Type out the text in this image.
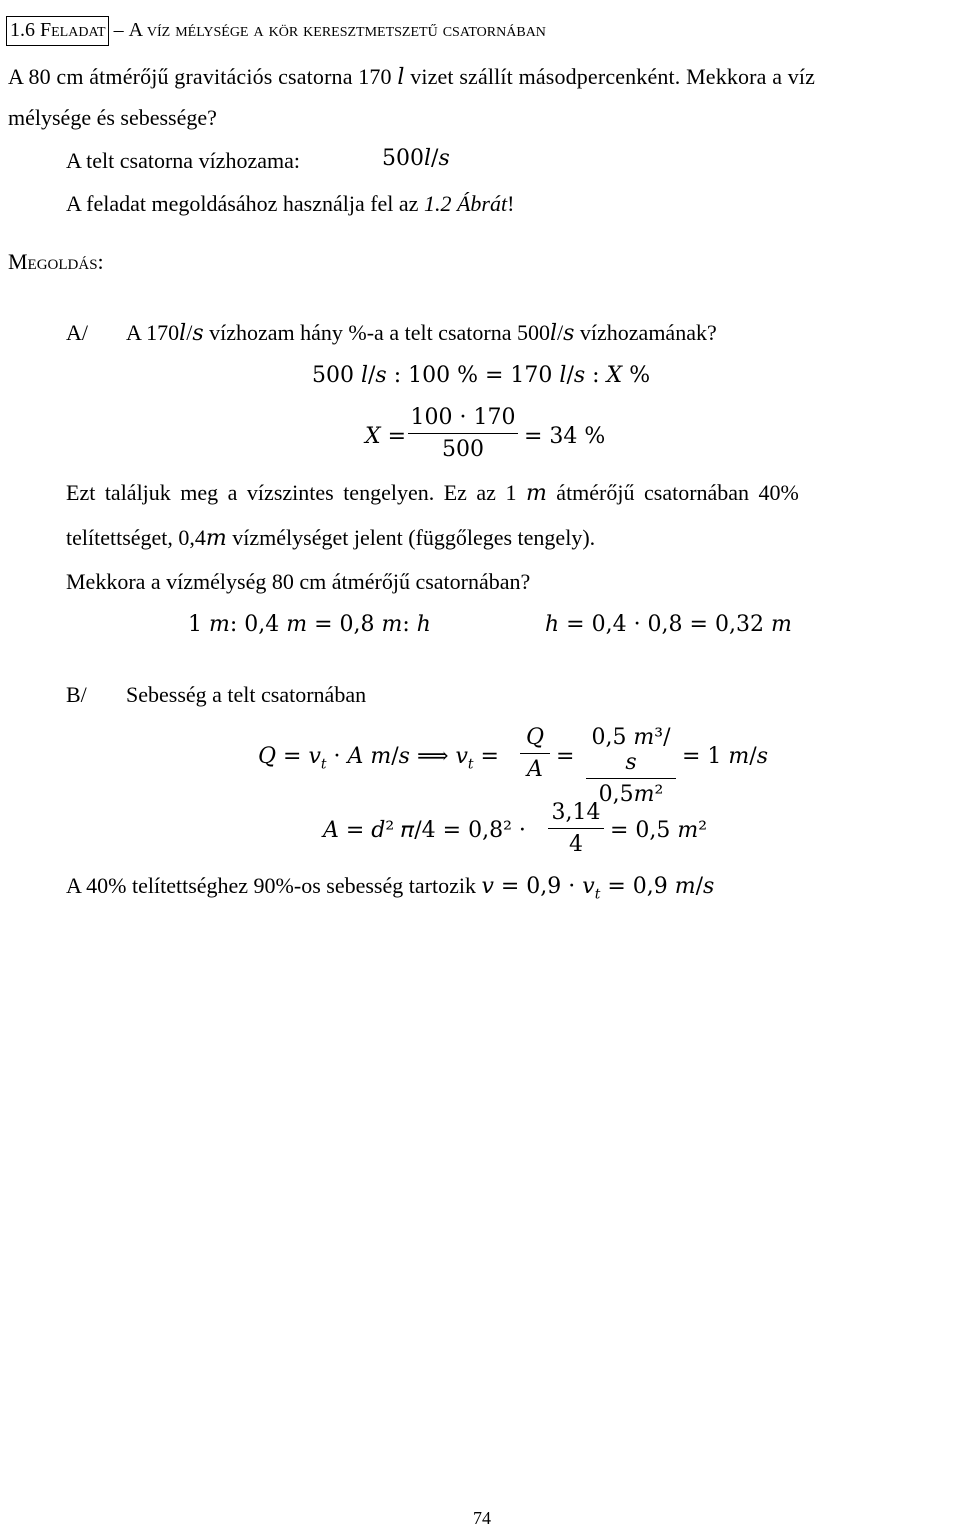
1.6 Feladat – A víz mélysége a kör keresztmetszetű csatornában
A 80 cm átmérőjű gravitációs csatorna 170 𝑙 vizet szállít másodpercenként. Mekkora a víz
mélysége és sebessége?
A telt csatorna vízhozama:	500𝑙/𝑠
A feladat megoldásához használja fel az 1.2 Ábrát!
Megoldás:
A/ A 170𝑙/𝑠 vízhozam hány %-a a telt csatorna 500𝑙/𝑠 vízhozamának?
500 𝑙/𝑠 : 100 % = 170 𝑙/𝑠 : 𝑋 %
𝑋 =
100 · 170
500
= 34 %
Ezt találjuk meg a vízszintes tengelyen. Ez az 1 𝑚 átmérőjű csatornában 40%
telítettséget, 0,4𝑚 vízmélységet jelent (függőleges tengely).
Mekkora a vízmélység 80 cm átmérőjű csatornában?
1 𝑚: 0,4 𝑚 = 0,8 𝑚: ℎ	ℎ = 0,4 · 0,8 = 0,32 𝑚
B/ Sebesség a telt csatornában
𝑄 = 𝑣$_𝑡$ · 𝐴 𝑚/𝑠 ⟹ 𝑣$_𝑡$ =
𝑄
𝐴
=
0,5 𝑚³/𝑠
0,5𝑚²
= 1 𝑚/𝑠
𝐴 = 𝑑² 𝜋/4 = 0,8² ·
3,14
4
= 0,5 𝑚²
A 40% telítettséghez 90%-os sebesség tartozik 𝑣 = 0,9 · 𝑣$_𝑡$ = 0,9 𝑚/𝑠
74
